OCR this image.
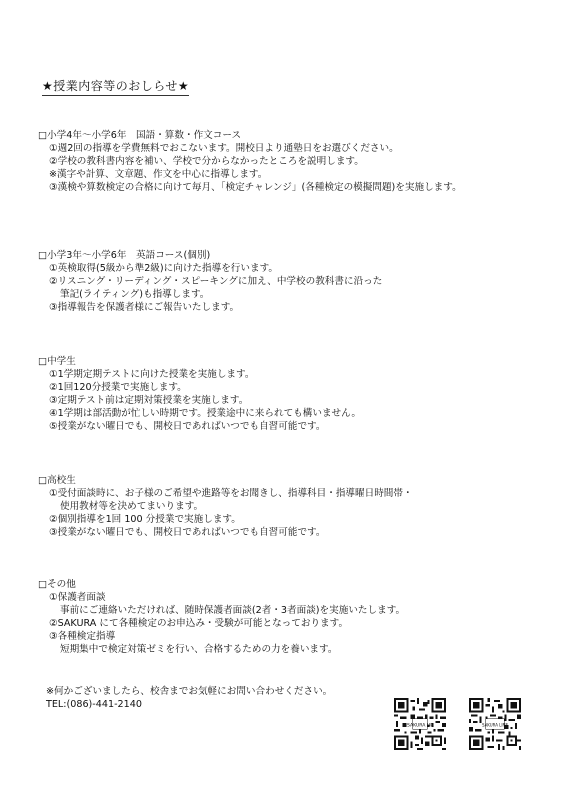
★授業内容等のおしらせ★
□小学4年～小学6年　国語・算数・作文コース
①週2回の指導を学費無料でおこないます。開校日より通塾日をお選びください。
②学校の教科書内容を補い、学校で分からなかったところを説明します。
※漢字や計算、文章題、作文を中心に指導します。
③漢検や算数検定の合格に向けて毎月、「検定チャレンジ」(各種検定の模擬問題)を実施します。
□小学3年～小学6年　英語コース(個別)
①英検取得(5級から準2級)に向けた指導を行います。
②リスニング・リーディング・スピーキングに加え、中学校の教科書に沿った
筆記(ライティング)も指導します。
③指導報告を保護者様にご報告いたします。
□中学生
①1学期定期テストに向けた授業を実施します。
②1回120分授業で実施します。
③定期テスト前は定期対策授業を実施します。
④1学期は部活動が忙しい時期です。授業途中に来られても構いません。
⑤授業がない曜日でも、開校日であればいつでも自習可能です。
□高校生
①受付面談時に、お子様のご希望や進路等をお聞きし、指導科目・指導曜日時間帯・
使用教材等を決めてまいります。
②個別指導を1回 100 分授業で実施します。
③授業がない曜日でも、開校日であればいつでも自習可能です。
□その他
①保護者面談
事前にご連絡いただければ、随時保護者面談(2者・3者面談)を実施いたします。
②SAKURA にて各種検定のお申込み・受験が可能となっております。
③各種検定指導
短期集中で検定対策ゼミを行い、合格するための力を養います。
※何かございましたら、校舎までお気軽にお問い合わせください。
TEL:(086)-441-2140
SAKURA HP	SAKURA LINE
